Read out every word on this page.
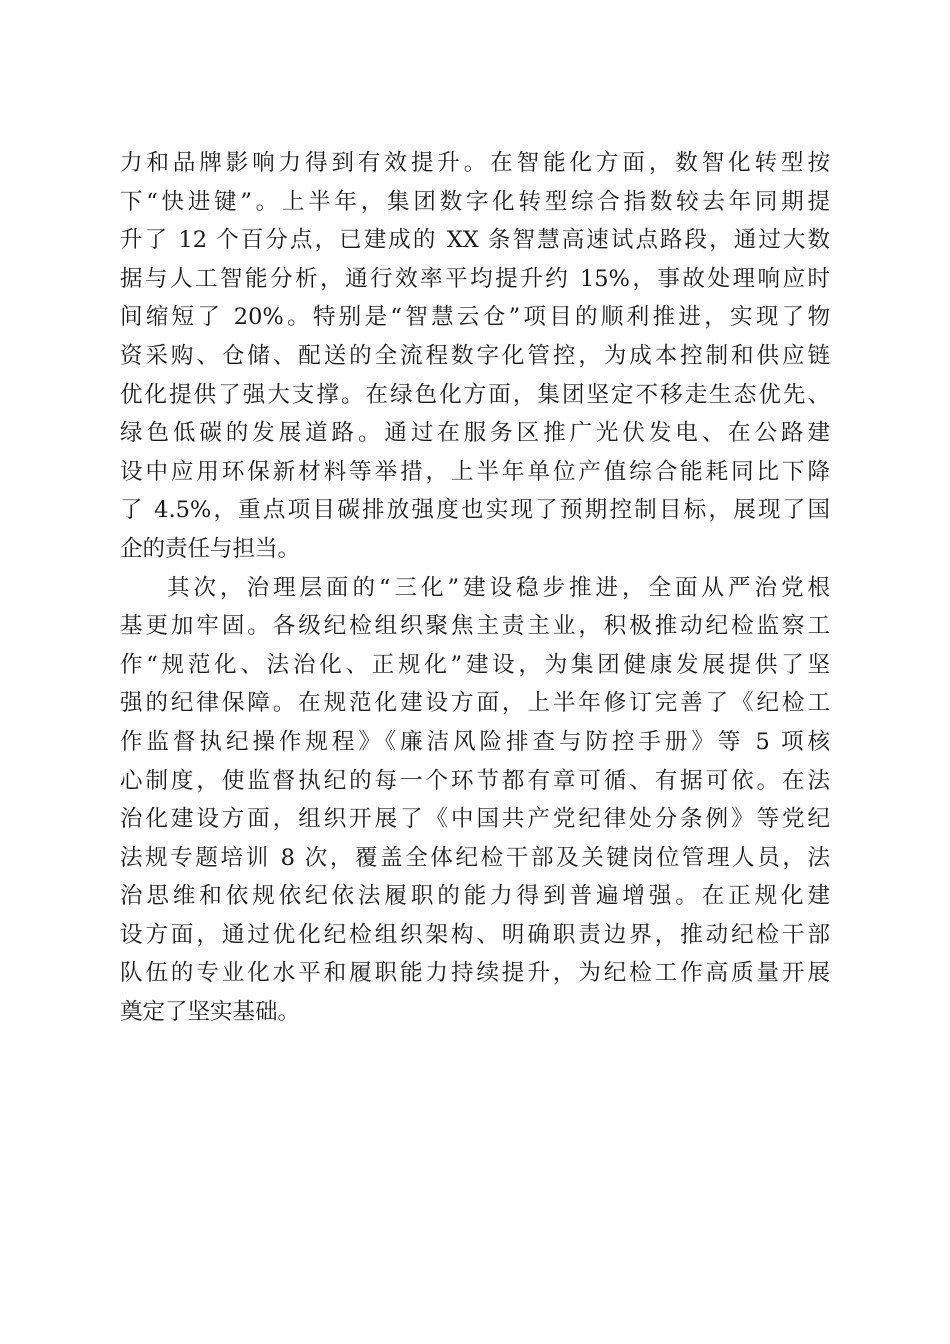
力和品牌影响力得到有效提升。在智能化方面，数智化转型按
下“快进键”。上半年，集团数字化转型综合指数较去年同期提
升了 12 个百分点，已建成的 XX 条智慧高速试点路段，通过大数
据与人工智能分析，通行效率平均提升约 15%，事故处理响应时
间缩短了 20%。特别是“智慧云仓”项目的顺利推进，实现了物
资采购、仓储、配送的全流程数字化管控，为成本控制和供应链
优化提供了强大支撑。在绿色化方面，集团坚定不移走生态优先、
绿色低碳的发展道路。通过在服务区推广光伏发电、在公路建
设中应用环保新材料等举措，上半年单位产值综合能耗同比下降
了 4.5%，重点项目碳排放强度也实现了预期控制目标，展现了国
企的责任与担当。
其次，治理层面的“三化”建设稳步推进，全面从严治党根
基更加牢固。各级纪检组织聚焦主责主业，积极推动纪检监察工
作“规范化、法治化、正规化”建设，为集团健康发展提供了坚
强的纪律保障。在规范化建设方面，上半年修订完善了《纪检工
作监督执纪操作规程》《廉洁风险排查与防控手册》等 5 项核
心制度，使监督执纪的每一个环节都有章可循、有据可依。在法
治化建设方面，组织开展了《中国共产党纪律处分条例》等党纪
法规专题培训 8 次，覆盖全体纪检干部及关键岗位管理人员，法
治思维和依规依纪依法履职的能力得到普遍增强。在正规化建
设方面，通过优化纪检组织架构、明确职责边界，推动纪检干部
队伍的专业化水平和履职能力持续提升，为纪检工作高质量开展
奠定了坚实基础。
